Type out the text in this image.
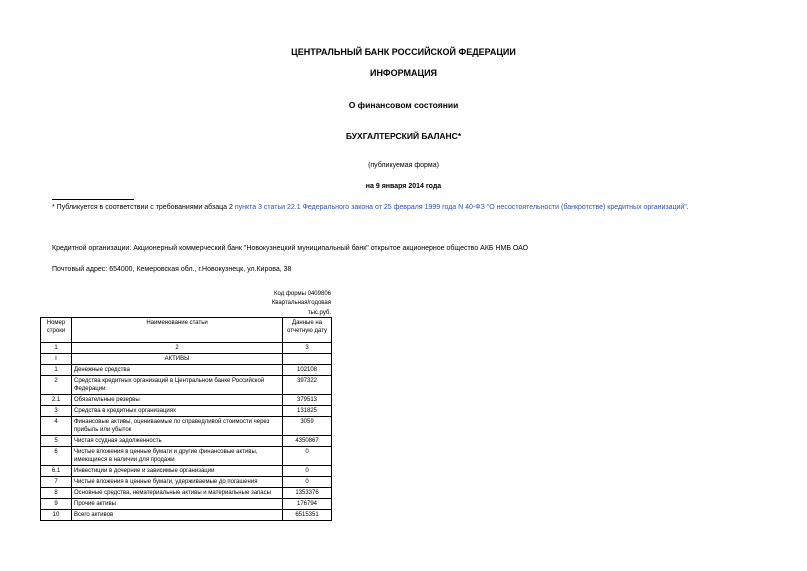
ЦЕНТРАЛЬНЫЙ БАНК РОССИЙСКОЙ ФЕДЕРАЦИИ
ИНФОРМАЦИЯ
О финансовом состоянии
БУХГАЛТЕРСКИЙ БАЛАНС*
(публикуемая форма)
на 9 января 2014 года
* Публикуется в соответствии с требованиями абзаца 2 пункта 3 статьи 22.1 Федерального закона от 25 февраля 1999 года N 40-ФЗ "О несостоятельности (банкротстве) кредитных организаций".
Кредитной организации: Акционерный коммерческий банк "Новокузнецкий муниципальный банк" открытое акционерное общество АКБ НМБ ОАО
Почтовый адрес: 654000, Кемеровская обл., г.Новокузнецк, ул.Кирова, 38
Код формы 0409806
Квартальная/годовая
тыс.руб.
Номер строки	Наименование статьи	Данные на отчетную дату
1	2	3
I	АКТИВЫ	
1	Денежные средства	102108
2	Средства кредитных организаций в Центральном банке Российской Федерации	397322
2.1	Обязательные резервы	379513
3	Средства в кредитных организациях	131825
4	Финансовые активы, оцениваемые по справедливой стоимости через прибыль или убыток	3059
5	Чистая ссудная задолженность	4350867
6	Чистые вложения в ценные бумаги и другие финансовые активы, имеющиеся в наличии для продажи	0
6.1	Инвестиции в дочерние и зависимые организации	0
7	Чистые вложения в ценные бумаги, удерживаемые до погашения	0
8	Основные средства, нематериальные активы и материальные запасы	1353376
9	Прочие активы	176794
10	Всего активов	6515351
